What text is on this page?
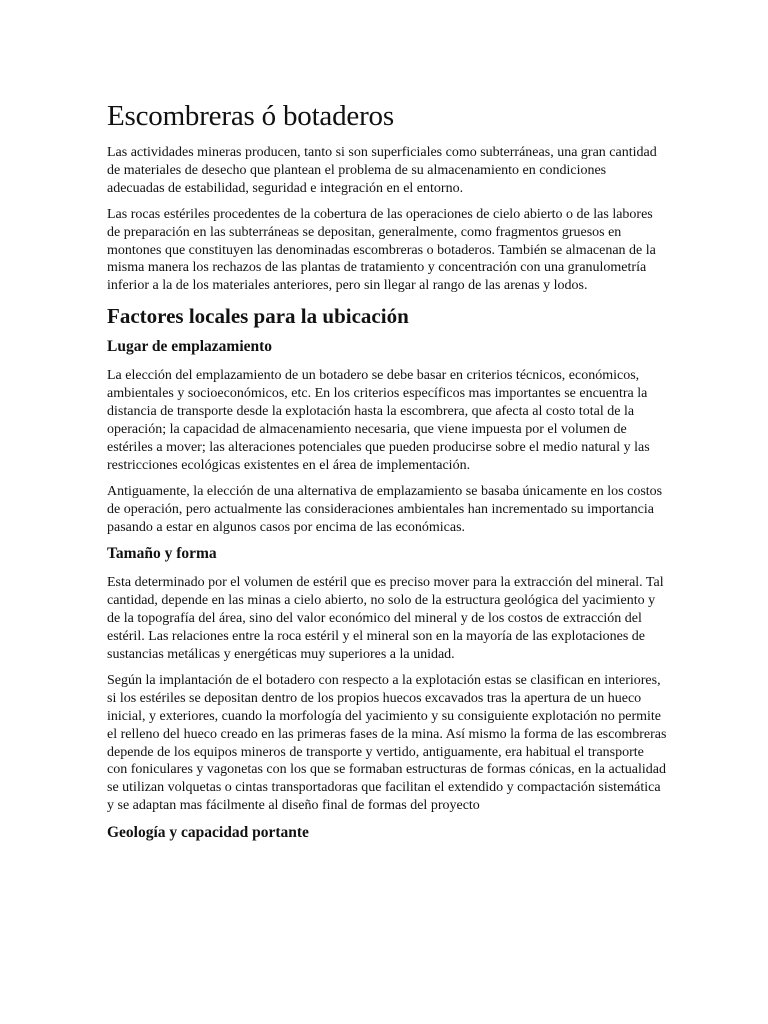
Escombreras ó botaderos

Las actividades mineras producen, tanto si son superficiales como subterráneas, una gran cantidad de materiales de desecho que plantean el problema de su almacenamiento en condiciones adecuadas de estabilidad, seguridad e integración en el entorno.

Las rocas estériles procedentes de la cobertura de las operaciones de cielo abierto o de las labores de preparación en las subterráneas se depositan, generalmente, como fragmentos gruesos en montones que constituyen las denominadas escombreras o botaderos. También se almacenan de la misma manera los rechazos de las plantas de tratamiento y concentración con una granulometría inferior a la de los materiales anteriores, pero sin llegar al rango de las arenas y lodos.

Factores locales para la ubicación
Lugar de emplazamiento

La elección del emplazamiento de un botadero se debe basar en criterios técnicos, económicos, ambientales y socioeconómicos, etc. En los criterios específicos mas importantes se encuentra la distancia de transporte desde la explotación hasta la escombrera, que afecta al costo total de la operación; la capacidad de almacenamiento necesaria, que viene impuesta por el volumen de estériles a mover; las alteraciones potenciales que pueden producirse sobre el medio natural y las restricciones ecológicas existentes en el área de implementación.

Antiguamente, la elección de una alternativa de emplazamiento se basaba únicamente en los costos de operación, pero actualmente las consideraciones ambientales han incrementado su importancia pasando a estar en algunos casos por encima de las económicas.

Tamaño y forma

Esta determinado por el volumen de estéril que es preciso mover para la extracción del mineral. Tal cantidad, depende en las minas a cielo abierto, no solo de la estructura geológica del yacimiento y de la topografía del área, sino del valor económico del mineral y de los costos de extracción del estéril. Las relaciones entre la roca estéril y el mineral son en la mayoría de las explotaciones de sustancias metálicas y energéticas muy superiores a la unidad.

Según la implantación de el botadero con respecto a la explotación estas se clasifican en interiores, si los estériles se depositan dentro de los propios huecos excavados tras la apertura de un hueco inicial, y exteriores, cuando la morfología del yacimiento y su consiguiente explotación no permite el relleno del hueco creado en las primeras fases de la mina. Así mismo la forma de las escombreras depende de los equipos mineros de transporte y vertido, antiguamente, era habitual el transporte con foniculares y vagonetas con los que se formaban estructuras de formas cónicas, en la actualidad se utilizan volquetas o cintas transportadoras que facilitan el extendido y compactación sistemática y se adaptan mas fácilmente al diseño final de formas del proyecto

Geología y capacidad portante
